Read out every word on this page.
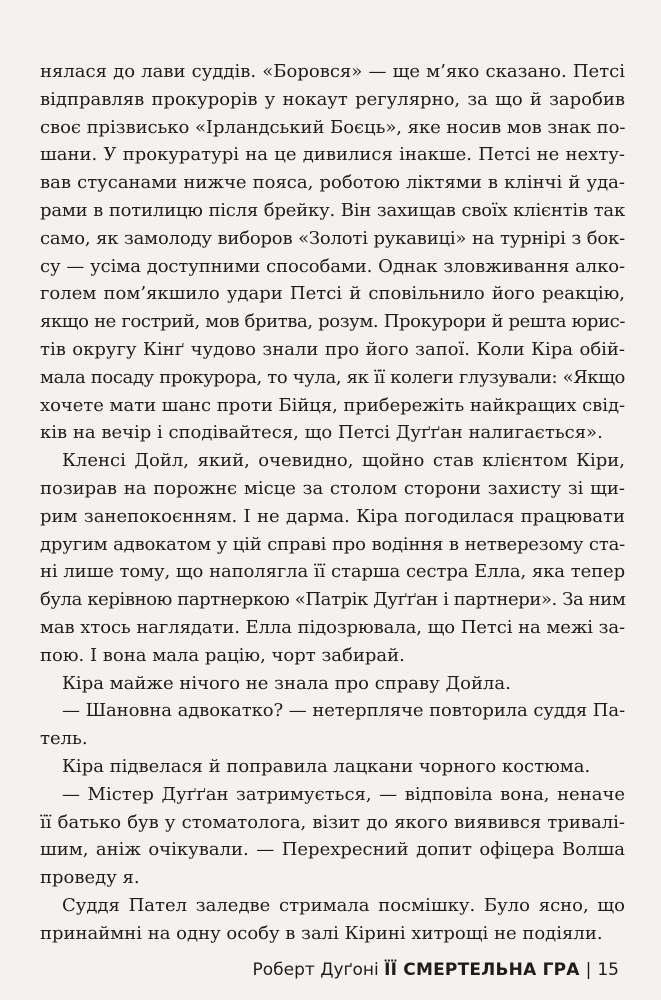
нялася до лави суддів. «Боровся» — ще м’яко сказано. Петсі
відправляв прокурорів у нокаут регулярно, за що й заробив
своє прізвисько «Ірландський Боєць», яке носив мов знак по-
шани. У прокуратурі на це дивилися інакше. Петсі не нехту-
вав стусанами нижче пояса, роботою ліктями в клінчі й уда-
рами в потилицю після брейку. Він захищав своїх клієнтів так
само, як замолоду виборов «Золоті рукавиці» на турнірі з бок-
су — усіма доступними способами. Однак зловживання алко-
голем пом’якшило удари Петсі й сповільнило його реакцію,
якщо не гострий, мов бритва, розум. Прокурори й решта юрис-
тів округу Кінґ чудово знали про його запої. Коли Кіра обій-
мала посаду прокурора, то чула, як її колеги глузували: «Якщо
хочете мати шанс проти Бійця, прибережіть найкращих свід-
ків на вечір і сподівайтеся, що Петсі Дуґґан налигається».

Кленсі Дойл, який, очевидно, щойно став клієнтом Кіри,
позирав на порожнє місце за столом сторони захисту зі щи-
рим занепокоєнням. І не дарма. Кіра погодилася працювати
другим адвокатом у цій справі про водіння в нетверезому ста-
ні лише тому, що наполягла її старша сестра Елла, яка тепер
була керівною партнеркою «Патрік Дуґґан і партнери». За ним
мав хтось наглядати. Елла підозрювала, що Петсі на межі за-
пою. І вона мала рацію, чорт забирай.

Кіра майже нічого не знала про справу Дойла.

— Шановна адвокатко? — нетерпляче повторила суддя Па-
тель.

Кіра підвелася й поправила лацкани чорного костюма.

— Містер Дуґґан затримується, — відповіла вона, неначе
її батько був у стоматолога, візит до якого виявився тривалі-
шим, аніж очікували. — Перехресний допит офіцера Волша
проведу я.

Суддя Пател заледве стримала посмішку. Було ясно, що
принаймні на одну особу в залі Кірині хитрощі не подіяли.

Роберт Дуґоні ЇЇ СМЕРТЕЛЬНА ГРА | 15
